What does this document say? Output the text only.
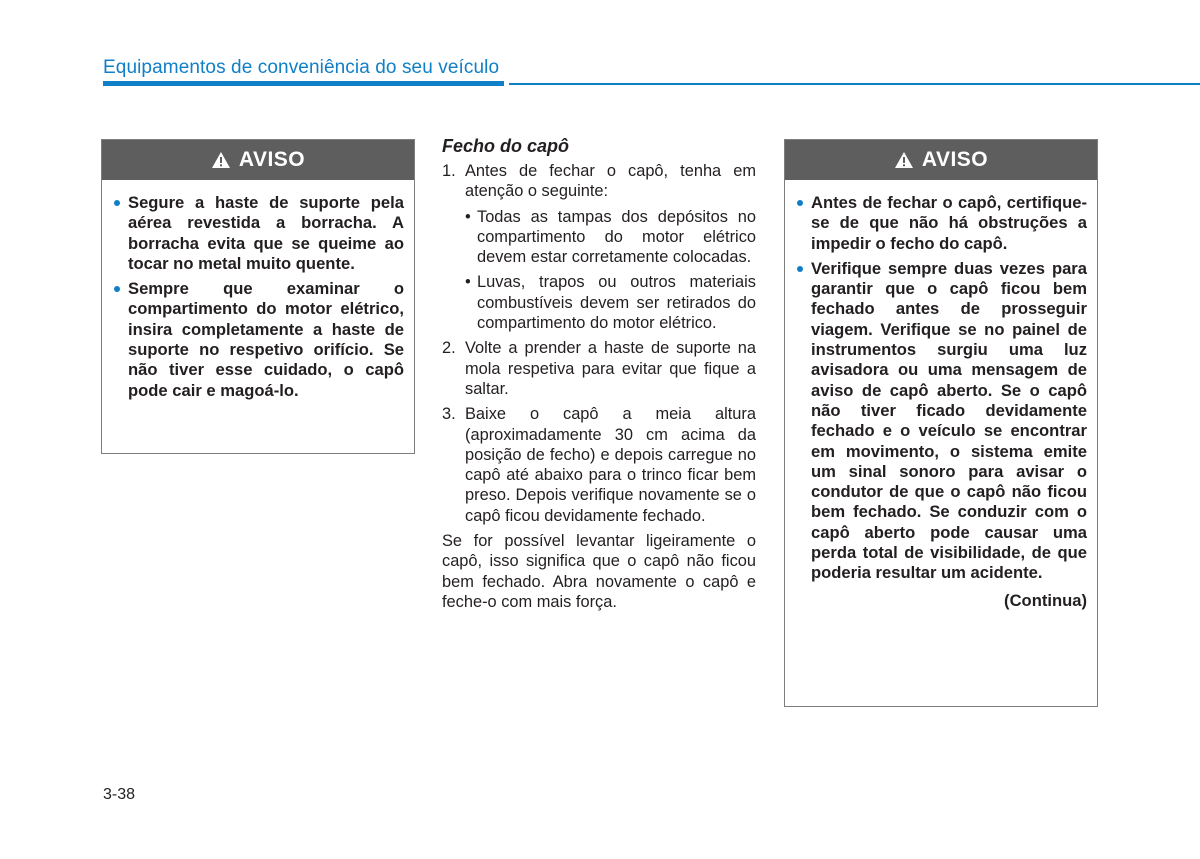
Equipamentos de conveniência do seu veículo
AVISO
Segure a haste de suporte pela aérea revestida a borracha. A borracha evita que se queime ao tocar no metal muito quente.
Sempre que examinar o compartimento do motor elétrico, insira completamente a haste de suporte no respetivo orifício. Se não tiver esse cuidado, o capô pode cair e magoá-lo.
Fecho do capô
1. Antes de fechar o capô, tenha em atenção o seguinte:
• Todas as tampas dos depósitos no compartimento do motor elétrico devem estar corretamente colocadas.
• Luvas, trapos ou outros materiais combustíveis devem ser retirados do compartimento do motor elétrico.
2. Volte a prender a haste de suporte na mola respetiva para evitar que fique a saltar.
3. Baixe o capô a meia altura (aproximadamente 30 cm acima da posição de fecho) e depois carregue no capô até abaixo para o trinco ficar bem preso. Depois verifique novamente se o capô ficou devidamente fechado.
Se for possível levantar ligeiramente o capô, isso significa que o capô não ficou bem fechado. Abra novamente o capô e feche-o com mais força.
AVISO
Antes de fechar o capô, certifique-se de que não há obstruções a impedir o fecho do capô.
Verifique sempre duas vezes para garantir que o capô ficou bem fechado antes de prosseguir viagem. Verifique se no painel de instrumentos surgiu uma luz avisadora ou uma mensagem de aviso de capô aberto. Se o capô não tiver ficado devidamente fechado e o veículo se encontrar em movimento, o sistema emite um sinal sonoro para avisar o condutor de que o capô não ficou bem fechado. Se conduzir com o capô aberto pode causar uma perda total de visibilidade, de que poderia resultar um acidente.
(Continua)
3-38
